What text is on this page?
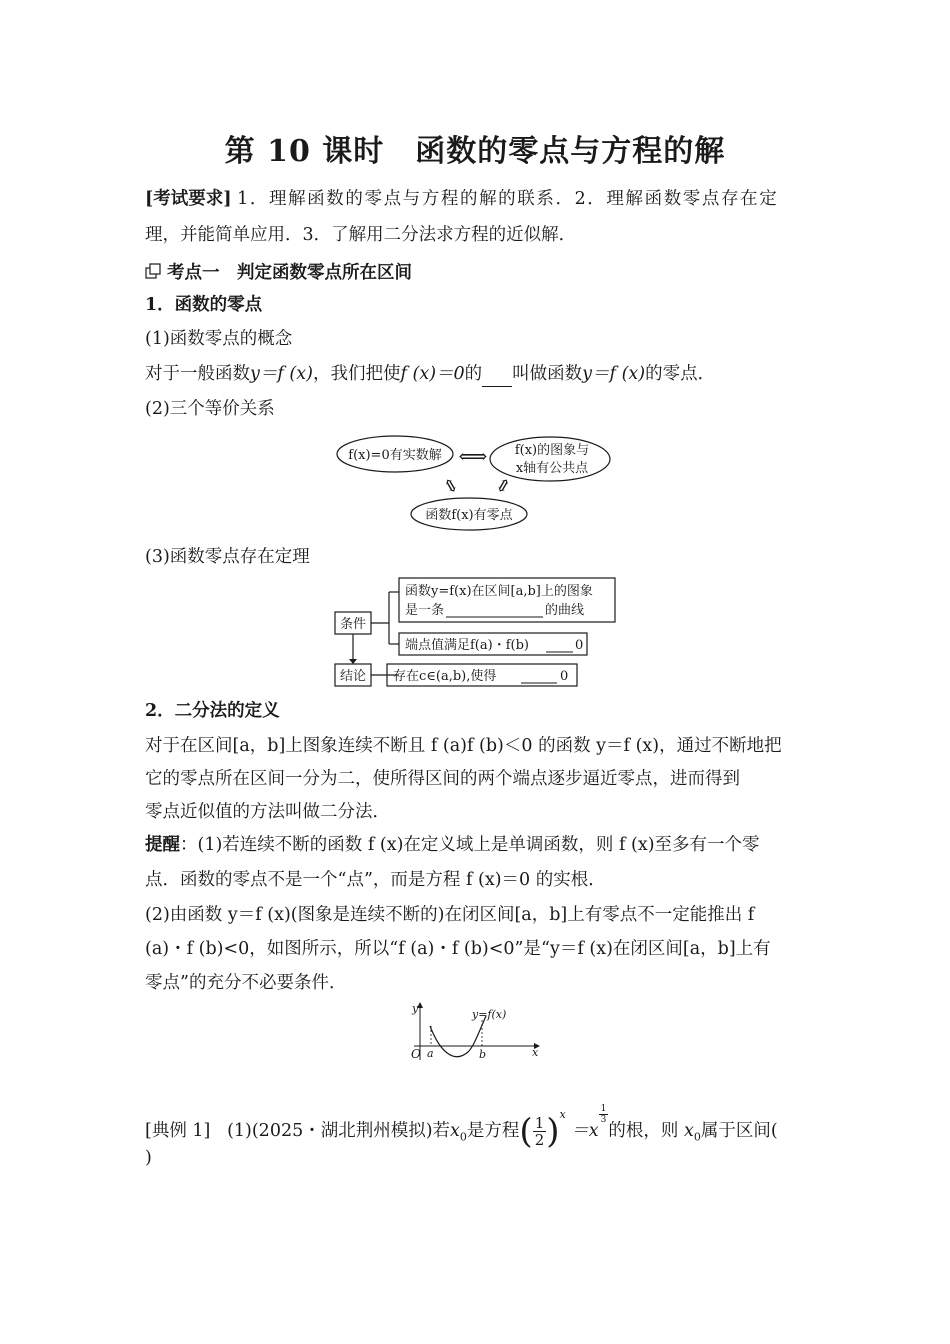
第 10 课时　函数的零点与方程的解
[考试要求] 1．理解函数的零点与方程的解的联系．2．理解函数零点存在定
理，并能简单应用．3．了解用二分法求方程的近似解．
考点一　判定函数零点所在区间
1．函数的零点
(1)函数零点的概念
对于一般函数y＝f (x)，我们把使f (x)＝0的 叫做函数y＝f (x)的零点．
(2)三个等价关系
f(x)=0有实数解	f(x)的图象与
x轴有公共点
函数f(x)有零点
⟺
⇕ ⇕
(3)函数零点存在定理
条件
结论
函数y=f(x)在区间[a,b]上的图象
是一条	的曲线
端点值满足f(a)・f(b)	0
存在c∈(a,b),使得	0
2．二分法的定义
对于在区间[a，b]上图象连续不断且 f (a)f (b)＜0 的函数 y＝f (x)，通过不断地把
它的零点所在区间一分为二，使所得区间的两个端点逐步逼近零点，进而得到
零点近似值的方法叫做二分法．
提醒：(1)若连续不断的函数 f (x)在定义域上是单调函数，则 f (x)至多有一个零
点．函数的零点不是一个“点”，而是方程 f (x)＝0 的实根．
(2)由函数 y＝f (x)(图象是连续不断的)在闭区间[a，b]上有零点不一定能推出 f
(a)・f (b)<0，如图所示，所以“f (a)・f (b)<0”是“y＝f (x)在闭区间[a，b]上有
零点”的充分不必要条件．
y
x
O a	b
y=f(x)
[典例 1] (1)(2025・湖北荆州模拟)若$x_0$是方程( $\frac{1}{2} )^x =x$
$\frac{1}{3}$
的根，则 $x_0$属于区间(
)
